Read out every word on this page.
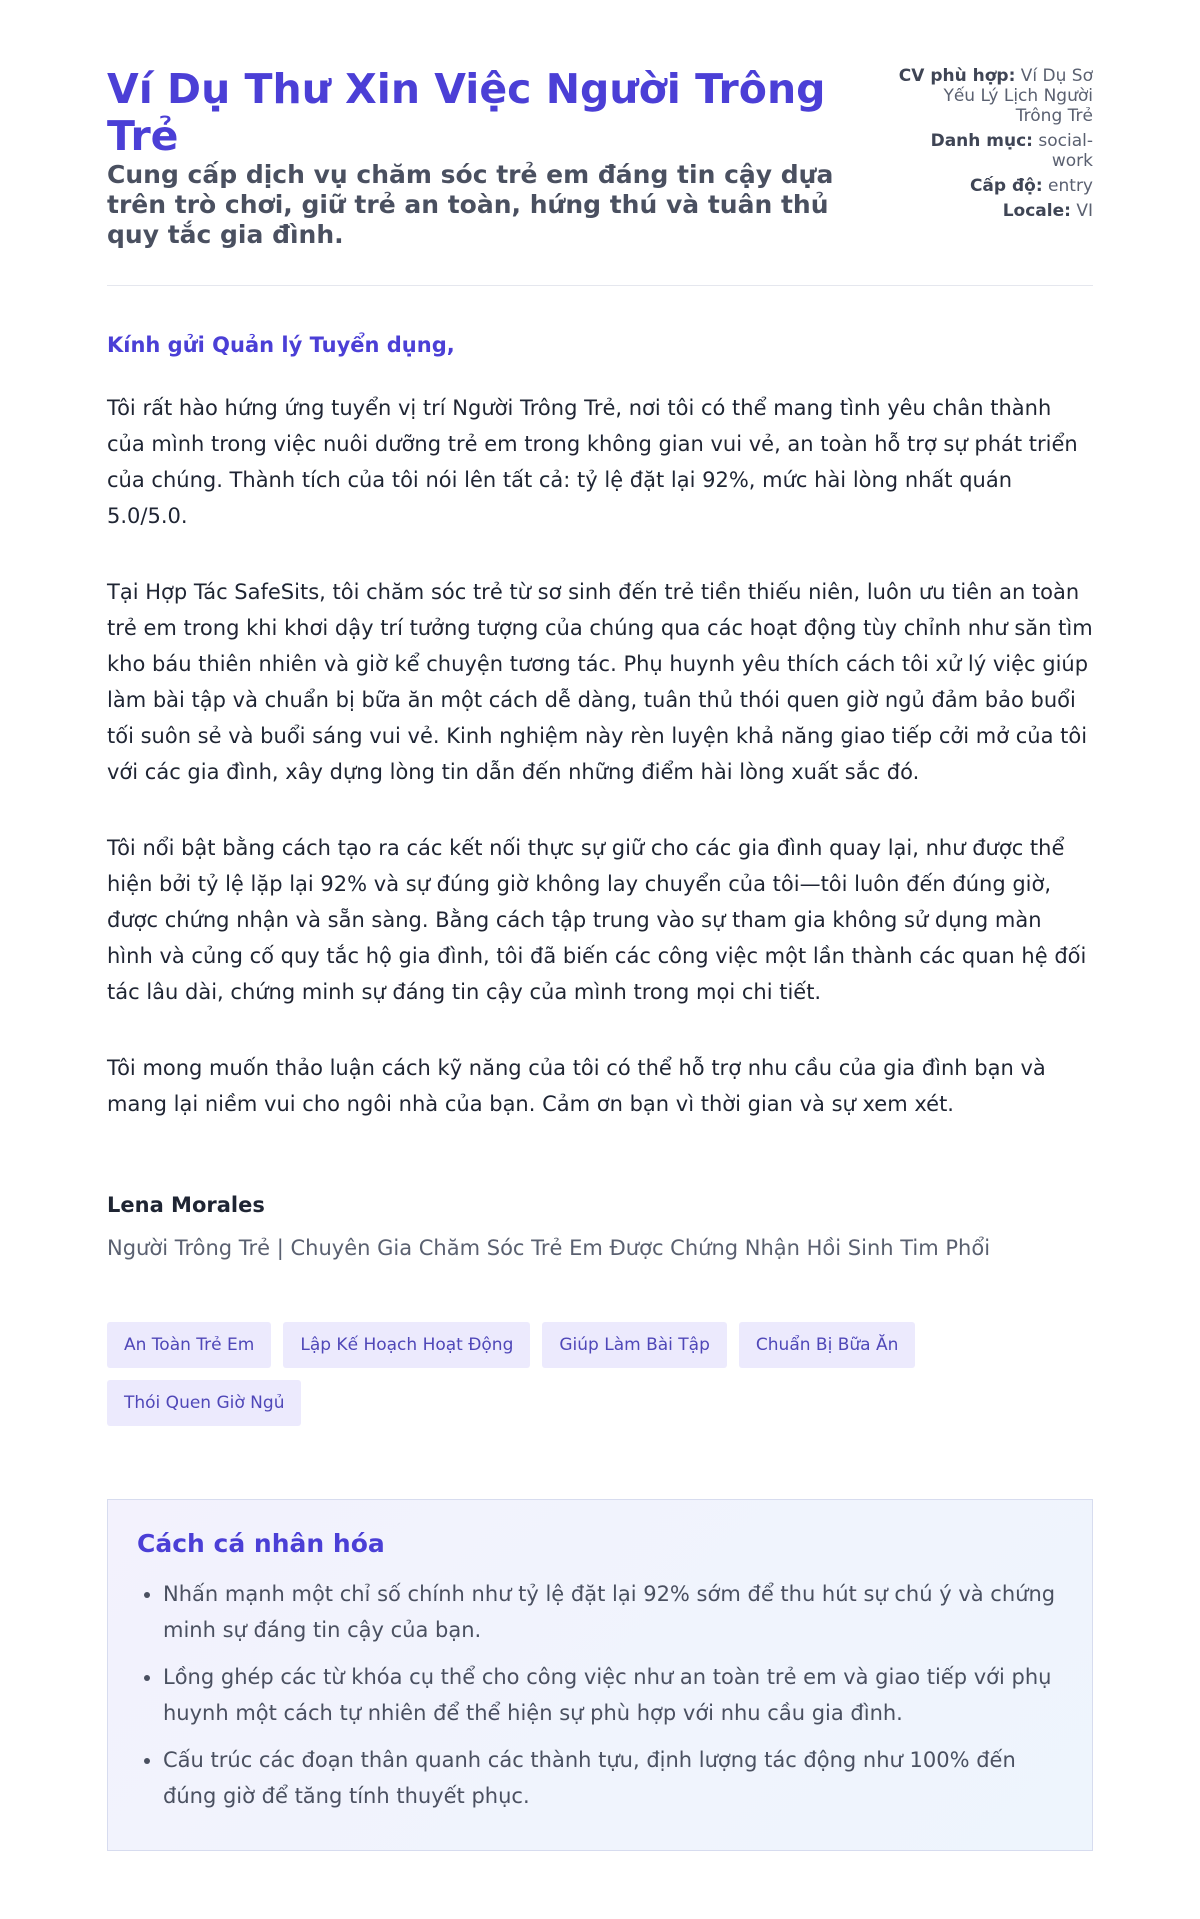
Ví Dụ Thư Xin Việc Người Trông Trẻ

Cung cấp dịch vụ chăm sóc trẻ em đáng tin cậy dựa trên trò chơi, giữ trẻ an toàn, hứng thú và tuân thủ quy tắc gia đình.

CV phù hợp: Ví Dụ Sơ Yếu Lý Lịch Người Trông Trẻ
Danh mục: social-work
Cấp độ: entry
Locale: VI

Kính gửi Quản lý Tuyển dụng,

Tôi rất hào hứng ứng tuyển vị trí Người Trông Trẻ, nơi tôi có thể mang tình yêu chân thành của mình trong việc nuôi dưỡng trẻ em trong không gian vui vẻ, an toàn hỗ trợ sự phát triển của chúng. Thành tích của tôi nói lên tất cả: tỷ lệ đặt lại 92%, mức hài lòng nhất quán 5.0/5.0.

Tại Hợp Tác SafeSits, tôi chăm sóc trẻ từ sơ sinh đến trẻ tiền thiếu niên, luôn ưu tiên an toàn trẻ em trong khi khơi dậy trí tưởng tượng của chúng qua các hoạt động tùy chỉnh như săn tìm kho báu thiên nhiên và giờ kể chuyện tương tác. Phụ huynh yêu thích cách tôi xử lý việc giúp làm bài tập và chuẩn bị bữa ăn một cách dễ dàng, tuân thủ thói quen giờ ngủ đảm bảo buổi tối suôn sẻ và buổi sáng vui vẻ. Kinh nghiệm này rèn luyện khả năng giao tiếp cởi mở của tôi với các gia đình, xây dựng lòng tin dẫn đến những điểm hài lòng xuất sắc đó.

Tôi nổi bật bằng cách tạo ra các kết nối thực sự giữ cho các gia đình quay lại, như được thể hiện bởi tỷ lệ lặp lại 92% và sự đúng giờ không lay chuyển của tôi—tôi luôn đến đúng giờ, được chứng nhận và sẵn sàng. Bằng cách tập trung vào sự tham gia không sử dụng màn hình và củng cố quy tắc hộ gia đình, tôi đã biến các công việc một lần thành các quan hệ đối tác lâu dài, chứng minh sự đáng tin cậy của mình trong mọi chi tiết.

Tôi mong muốn thảo luận cách kỹ năng của tôi có thể hỗ trợ nhu cầu của gia đình bạn và mang lại niềm vui cho ngôi nhà của bạn. Cảm ơn bạn vì thời gian và sự xem xét.

Lena Morales
Người Trông Trẻ | Chuyên Gia Chăm Sóc Trẻ Em Được Chứng Nhận Hồi Sinh Tim Phổi
An Toàn Trẻ Em	Lập Kế Hoạch Hoạt Động	Giúp Làm Bài Tập	Chuẩn Bị Bữa Ăn
Thói Quen Giờ Ngủ
Cách cá nhân hóa
• Nhấn mạnh một chỉ số chính như tỷ lệ đặt lại 92% sớm để thu hút sự chú ý và chứng minh sự đáng tin cậy của bạn.
• Lồng ghép các từ khóa cụ thể cho công việc như an toàn trẻ em và giao tiếp với phụ huynh một cách tự nhiên để thể hiện sự phù hợp với nhu cầu gia đình.
• Cấu trúc các đoạn thân quanh các thành tựu, định lượng tác động như 100% đến đúng giờ để tăng tính thuyết phục.
